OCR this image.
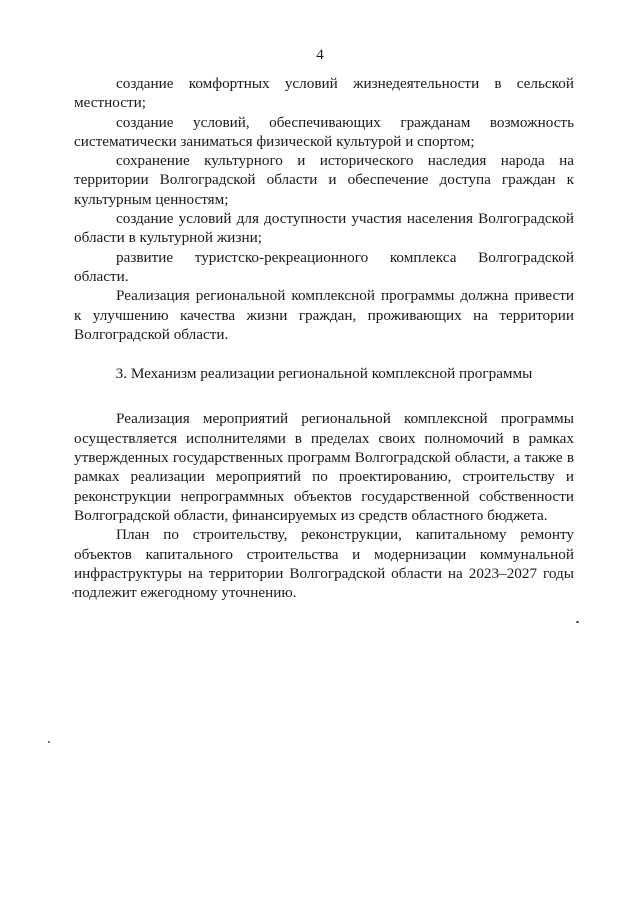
4

создание комфортных условий жизнедеятельности в сельской местности;

создание условий, обеспечивающих гражданам возможность систематически заниматься физической культурой и спортом;

сохранение культурного и исторического наследия народа на территории Волгоградской области и обеспечение доступа граждан к культурным ценностям;

создание условий для доступности участия населения Волгоградской области в культурной жизни;

развитие туристско-рекреационного комплекса Волгоградской области.

Реализация региональной комплексной программы должна привести к улучшению качества жизни граждан, проживающих на территории Волгоградской области.

3. Механизм реализации региональной комплексной программы

Реализация мероприятий региональной комплексной программы осуществляется исполнителями в пределах своих полномочий в рамках утвержденных государственных программ Волгоградской области, а также в рамках реализации мероприятий по проектированию, строительству и реконструкции непрограммных объектов государственной собственности Волгоградской области, финансируемых из средств областного бюджета.

План по строительству, реконструкции, капитальному ремонту объектов капитального строительства и модернизации коммунальной инфраструктуры на территории Волгоградской области на 2023–2027 годы подлежит ежегодному уточнению.
